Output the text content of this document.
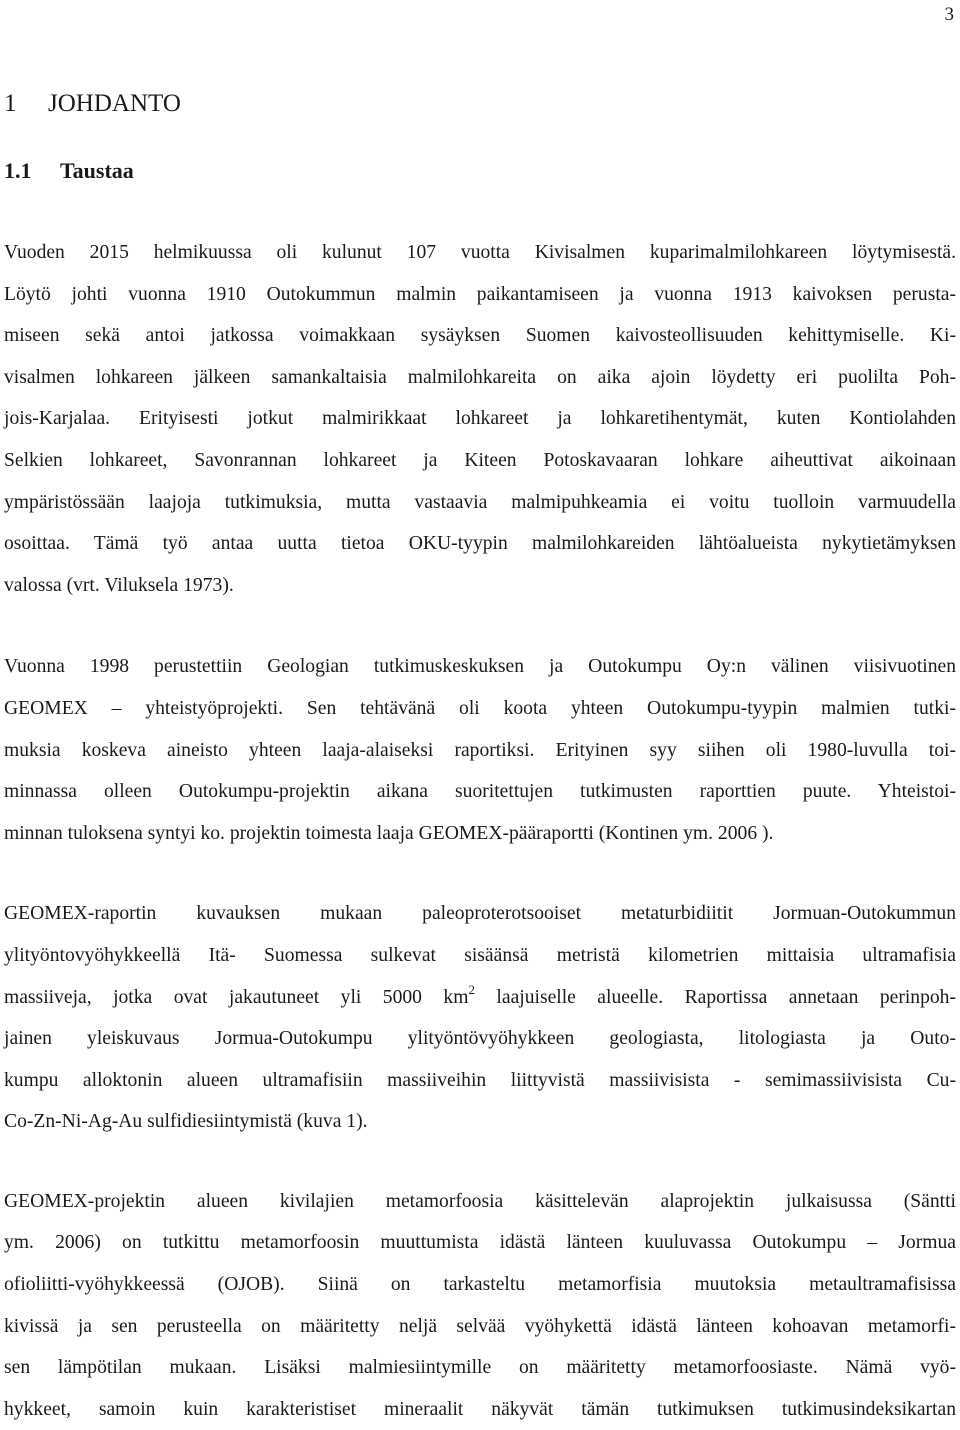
3
1 JOHDANTO
1.1 Taustaa

Vuoden 2015 helmikuussa oli kulunut 107 vuotta Kivisalmen kuparimalmilohkareen löytymisestä.
Löytö johti vuonna 1910 Outokummun malmin paikantamiseen ja vuonna 1913 kaivoksen perusta-
miseen sekä antoi jatkossa voimakkaan sysäyksen Suomen kaivosteollisuuden kehittymiselle. Ki-
visalmen lohkareen jälkeen samankaltaisia malmilohkareita on aika ajoin löydetty eri puolilta Poh-
jois-Karjalaa. Erityisesti jotkut malmirikkaat lohkareet ja lohkaretihentymät, kuten Kontiolahden
Selkien lohkareet, Savonrannan lohkareet ja Kiteen Potoskavaaran lohkare aiheuttivat aikoinaan
ympäristössään laajoja tutkimuksia, mutta vastaavia malmipuhkeamia ei voitu tuolloin varmuudella
osoittaa. Tämä työ antaa uutta tietoa OKU-tyypin malmilohkareiden lähtöalueista nykytietämyksen
valossa (vrt. Viluksela 1973).

Vuonna 1998 perustettiin Geologian tutkimuskeskuksen ja Outokumpu Oy:n välinen viisivuotinen
GEOMEX – yhteistyöprojekti. Sen tehtävänä oli koota yhteen Outokumpu-tyypin malmien tutki-
muksia koskeva aineisto yhteen laaja-alaiseksi raportiksi. Erityinen syy siihen oli 1980-luvulla toi-
minnassa olleen Outokumpu-projektin aikana suoritettujen tutkimusten raporttien puute. Yhteistoi-
minnan tuloksena syntyi ko. projektin toimesta laaja GEOMEX-pääraportti (Kontinen ym. 2006 ).

GEOMEX-raportin kuvauksen mukaan paleoproterotsooiset metaturbidiitit Jormuan-Outokummun
ylityöntovyöhykkeellä Itä- Suomessa sulkevat sisäänsä metristä kilometrien mittaisia ultramafisia
massiiveja, jotka ovat jakautuneet yli 5000 $km^2$ laajuiselle alueelle. Raportissa annetaan perinpoh-
jainen yleiskuvaus Jormua-Outokumpu ylityöntövyöhykkeen geologiasta, litologiasta ja Outo-
kumpu alloktonin alueen ultramafisiin massiiveihin liittyvistä massiivisista - semimassiivisista Cu-
Co-Zn-Ni-Ag-Au sulfidiesiintymistä (kuva 1).

GEOMEX-projektin alueen kivilajien metamorfoosia käsittelevän alaprojektin julkaisussa (Säntti
ym. 2006) on tutkittu metamorfoosin muuttumista idästä länteen kuuluvassa Outokumpu – Jormua
ofioliitti-vyöhykkeessä (OJOB). Siinä on tarkasteltu metamorfisia muutoksia metaultramafisissa
kivissä ja sen perusteella on määritetty neljä selvää vyöhykettä idästä länteen kohoavan metamorfi-
sen lämpötilan mukaan. Lisäksi malmiesiintymille on määritetty metamorfoosiaste. Nämä vyö-
hykkeet, samoin kuin karakteristiset mineraalit näkyvät tämän tutkimuksen tutkimusindeksikartan
